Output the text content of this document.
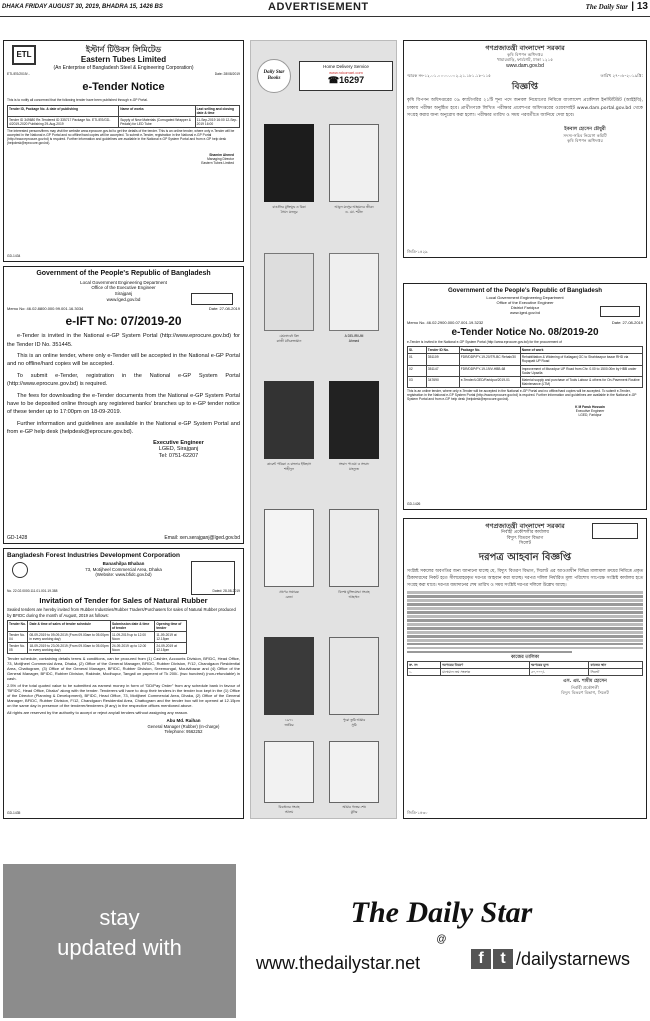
DHAKA FRIDAY AUGUST 30, 2019, BHADRA 15, 1426 BS	ADVERTISEMENT	The Daily Star | 13
ETL
ইস্টার্ন টিউবস লিমিটেড
Eastern Tubes Limited
(An Enterprise of Bangladesh Steel & Engineering Corporation)
ETL/ES/2019/...	Date: 28/08/2019
e-Tender Notice
This is to notify all concerned that the following tender have been published through e-GP Portal.
Tender ID, Package No. & date of publishing	Name of works	Last selling and closing date & time
Tender ID 349680 Re-Tendered ID 335717 Package No. ETL/ES/GD-4/2019-2020 Publishing 29-Aug-2019	Supply of New Materials (Corrugated Wrapper & Pedals) for LED Tube	11-Sep-2019 16:00 12-Sep-2019 16:00
The interested persons/firms may visit the website www.eprocure.gov.bd to get the details of the tender. This is an online tender, where only e-Tender will be accepted in the National e-GP Portal and no offline/hard copies will be accepted. To submit e-Tender, registration in the National e-GP Portal (http://www.eprocure.gov.bd) is required. Further information and guidelines are available in the National e-GP System Portal and from e-GP help desk (helpdesk@eprocure.gov.bd).
Shamim Ahmed
Managing Director
Eastern Tubes Limited
GD-1434
Government of the People's Republic of Bangladesh
Local Government Engineering Department
Office of the Executive Engineer
Sirajganj
www.lged.gov.bd
Memo No: 46.02.8800.000.99.001.16.3034	Date: 27-08-2019
e-IFT No: 07/2019-20

e-Tender is invited in the National e-GP System Portal (http://www.eprocure.gov.bd) for the Tender ID No. 351445.

This is an online tender, where only e-Tender will be accepted in the National e-GP Portal and no offline/hard copies will be accepted.

To submit e-Tender, registration in the National e-GP System Portal (http://www.eprocure.gov.bd) is required.

The fees for downloading the e-Tender documents from the National e-GP System Portal have to be deposited online through any registered banks' branches up to e-GP tender notice of these tender up to 17:00pm on 18-09-2019.

Further information and guidelines are available in the National e-GP System Portal and from e-GP help desk (helpdesk@eprocure.gov.bd).

Executive Engineer
LGED, Sirajganj
Tel: 0751-62207
GD-1428	Email: xen.serajganj@lged.gov.bd
Bangladesh Forest Industries Development Corporation
Banashilpa Bhaban
73, Motijheel Commercial Area, Dhaka
(Website: www.bfidc.gov.bd)
No. 22.02.0000.111.01.001.19.388	Dated: 28-08-2019
Invitation of Tender for Sales of Natural Rubber
Sealed tenders are hereby invited from Rubber Industries/Rubber Traders/Purchasers for sales of Natural Rubber produced by BFIDC during the month of August, 2019 as follows:
Tender No.	Date & time of sales of tender schedule	Submission date & time of tender	Opening time of tender
Tender No. 04	08-09-2019 to 09-09-2019 (From 09.00am to 05.00pm in every working day)	11-09-2019 up to 12.00 Noon	11-09-2019 at 12.15pm
Tender No. 05	18-09-2019 to 23-09-2019 (From 09.00am to 05.00pm in every working day)	24-09-2019 up to 12.00 Noon	24-09-2019 at 12.15pm
Tender schedule, containing details terms & conditions, can be procured from (1) Cashier, Accounts Division, BFIDC, Head Office, 73, Motijheel Commercial Area, Dhaka, (2) Office of the General Manager, BFIDC, Rubber Division, F/12, Chandgaon Residential Area, Chattogram, (3) Office of the General Manager, BFIDC, Rubber Division, Sreemongal, Moulvibazar and (4) Office of the General Manager, BFIDC, Rubber Division, Rakinde, Modhupur, Tangail on payment of Tk 200/- (two hundred) (non-refundable) in cash.
2.5% of the total quoted value to be submitted as earnest money in form of "DD/Pay Order" from any schedule bank in favour of "BFIDC, Head Office, Dhaka" along with the tender. Tenderers will have to drop their tenders in the tender box kept in the (1) Office of the Director (Planning & Development), BFIDC, Head Office, 73, Motijheel Commercial Area, Dhaka, (2) Office of the General Manager, BFIDC, Rubber Division, F/12, Chandgaon Residential Area, Chattogram and the tender box will be opened at 12.15pm on the same day in presence of the tenderer/tenderers (if any) in the respective offices mentioned above.
All rights are reserved by the authority to accept or reject any/all tenders without assigning any reason.
Abu Md. Raihan
General Manager (Rubber) (In-charge)
Telephone: 9562252
GD-1435
Daily Star Books
Home Delivery Service
www.rokomari.com
☎16297
বাঙালির মুক্তিযুদ্ধ ও চিন্তা
সৈয়দ মনজুর
আবুল মনসুর আহমদের জীবন
ড. মো. শরীফ
মেঘনাদবধ কিং
কাজী মনিরুজ্জামান
A DELIRIUM
Ahmed
কারেন্ট পত্রিকা ও বাংলার ইতিহাস
শাহীদুল
সংবাদ পাওয়া ও সংবাদ
মাহফুজ
প্রাণের সঞ্চারক
রেজা
বিশেষ মুক্তিযোদ্ধা সংগ্রহ
আহসান
১৯৭১
জাকির
পুরো তুমি আমার
সুমি
বিবর্তনের সংগ্রহ
আলম
আমার গল্পের শেষ
মুনির
গণপ্রজাতন্ত্রী বাংলাদেশ সরকার
কৃষি বিপণন অধিদপ্তর
খামারবাড়ি, ফার্মগেট, ঢাকা ১২১৫
www.dam.gov.bd
স্মারক নং-১২.০১.০০০০.০০২.২১.১৮১.১৮-১১৫	তারিখ ২৭-০৮-২০১৯খ্রি:
বিজ্ঞপ্তি
কৃষি বিপণন অধিদপ্তরের ০৯ ক্যাটাগরির ২১টি শূন্য পদে জনবল নিয়োগের নিমিত্তে বাংলাদেশ প্রকৌশল ইনস্টিটিউট (আইইবি), ঢাকায় পরীক্ষা অনুষ্ঠিত হবে। প্রার্থীগণকে লিখিত পরীক্ষার প্রবেশপত্র অধিদপ্তরের ওয়েবসাইট www.dam.portal.gov.bd থেকে সংগ্রহ করার জন্য অনুরোধ করা হলো। পরীক্ষার তারিখ ও সময় পরবর্তীতে জানিয়ে দেয়া হবে।
ইকবাল হোসেন চৌধুরী
সদস্য-সচিব নিয়োগ কমিটি
কৃষি বিপণন অধিদপ্তর
জিডি-১৪২৯
Government of the People's Republic of Bangladesh
Local Government Engineering Department
Office of the Executive Engineer
District Faridpur
www.lged.gov.bd
Memo No. 46.02.2900.000.07.001.19.3232	Date: 27-08-2019
e-Tender Notice No. 08/2019-20
e-Tender is invited in the National e-GP System Portal (http://www.eprocure.gov.bd) for the procurement of
Sl.	Tender ID No.	Package No.	Name of work
01	351109	FDR/DDP/FY-19-20/TR-BC Rehab/30	Rehabilitation & Widening of Kaliaganj GC to Shahbazpur bazar RHD via Rupapatt UP Road
02	351147	FDR/DDP/FY-19-19/V-HBB-68	Improvement of Muradpur UP Road from Chr. 0.00 to 1500.00m by HBB under Sadar Upazila
03	347690	e-Tender/LGED/Faridpur/2019-01	Material supply and purchase of Tools Labour & others for On-Pavement Routine Maintenance (LTM)
This is an online tender, where only e-Tender will be accepted in the National e-GP Portal and no offline/hard copies will be accepted. To submit e-Tender, registration in the National e-GP System Portal (http://www.eprocure.gov.bd) is required. Further information and guidelines are available in the National e-GP System Portal and from e-GP help desk (helpdesk@eprocure.gov.bd).
K M Faruk Hossain
Executive Engineer
LGED, Faridpur
GD-1426
গণপ্রজাতন্ত্রী বাংলাদেশ সরকার
নির্বাহী প্রকৌশলীর কার্যালয়
বিদ্যুৎ বিতরণ বিভাগ
সিলেট
দরপত্র আহবান বিজ্ঞপ্তি
সংশ্লিষ্ট সকলের অবগতির জন্য জানানো যাচ্ছে যে, বিদ্যুৎ বিতরণ বিভাগ, সিলেট এর আওতাধীন বিভিন্ন মালামাল ক্রয়ের নিমিত্তে প্রকৃত ঠিকাদারদের নিকট হতে সীলমোহরকৃত দরপত্র আহবান করা যাচ্ছে। দরপত্র দলিল নির্ধারিত মূল্য পরিশোধ সাপেক্ষে সংশ্লিষ্ট কার্যালয় হতে সংগ্রহ করা যাবে। দরপত্র জমাদানের শেষ তারিখ ও সময় সংশ্লিষ্ট দরপত্র দলিলে উল্লেখ আছে।
কাজের তালিকা
ক্র. নং	দরপত্রের বিবরণ	দরপত্রের মূল্য	কাজের স্থান
১.	মালামাল ক্রয় সংক্রান্ত	৫০,০০০/-	সিলেট
এস. এম. শামীম হোসেন
নির্বাহী প্রকৌশলী
বিদ্যুৎ বিতরণ বিভাগ, সিলেট
জিডি-১৪৩০
stay
updated with
The Daily Star
@
www.thedailystar.net	f	t /dailystarnews
